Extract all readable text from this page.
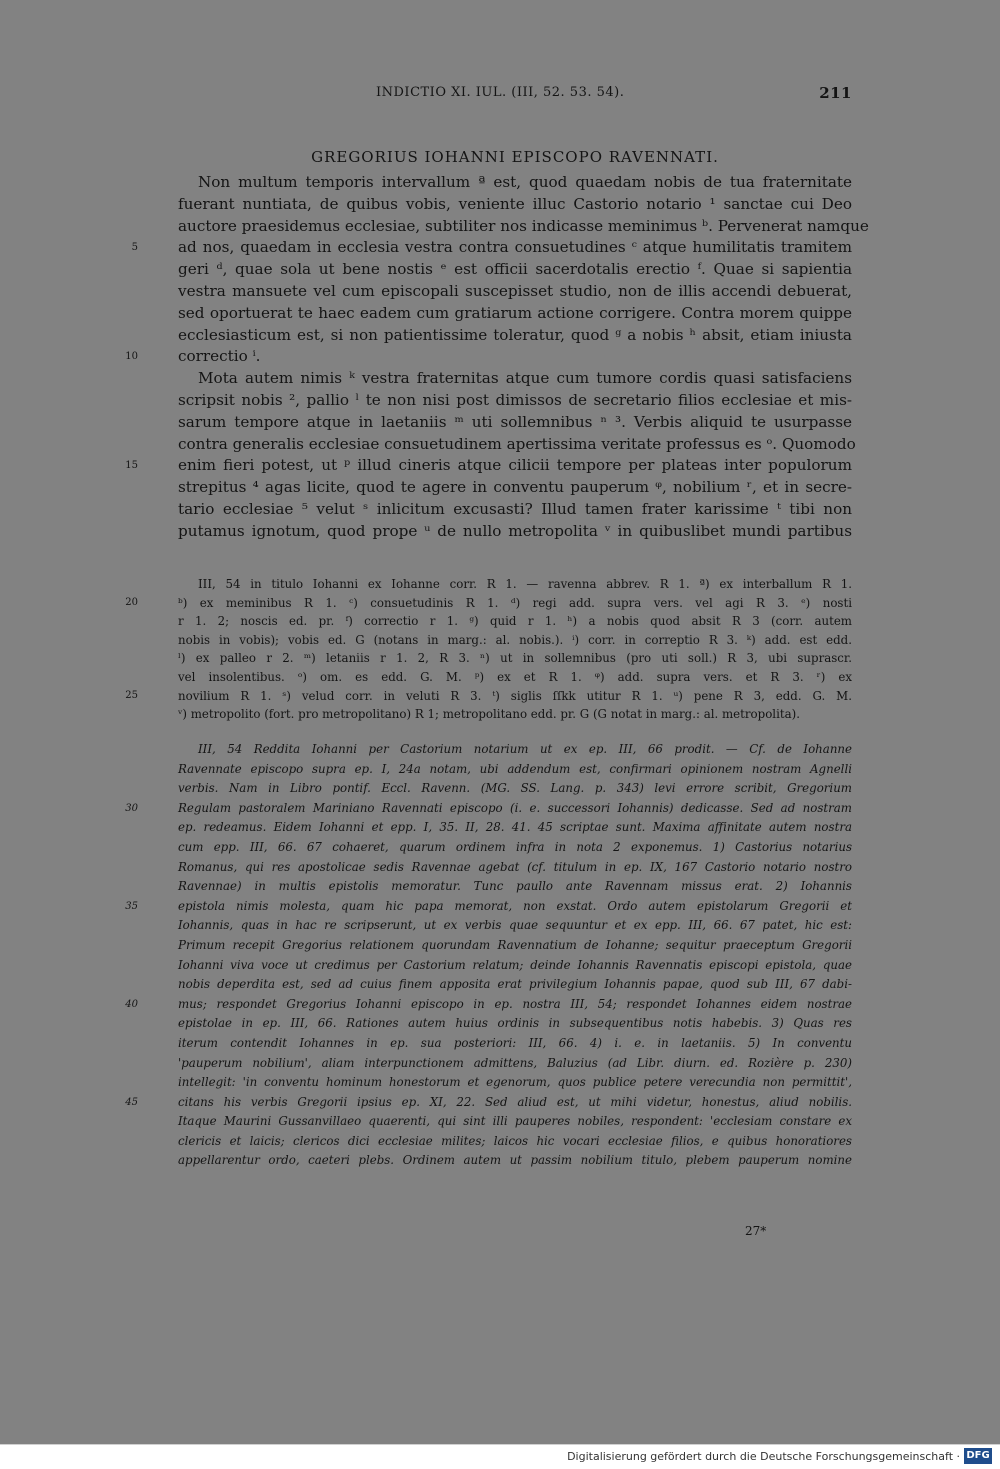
INDICTIO XI. IUL. (III, 52. 53. 54).	211
GREGORIUS IOHANNI EPISCOPO RAVENNATI.
Non multum temporis intervallum ª est, quod quaedam nobis de tua fraternitate
fuerant nuntiata, de quibus vobis, veniente illuc Castorio notario ¹ sanctae cui Deo
auctore praesidemus ecclesiae, subtiliter nos indicasse meminimus ᵇ. Pervenerat namque
5	ad nos, quaedam in ecclesia vestra contra consuetudines ᶜ atque humilitatis tramitem
geri ᵈ, quae sola ut bene nostis ᵉ est officii sacerdotalis erectio ᶠ. Quae si sapientia
vestra mansuete vel cum episcopali suscepisset studio, non de illis accendi debuerat,
sed oportuerat te haec eadem cum gratiarum actione corrigere. Contra morem quippe
ecclesiasticum est, si non patientissime toleratur, quod ᵍ a nobis ʰ absit, etiam iniusta
10	correctio ⁱ.
Mota autem nimis ᵏ vestra fraternitas atque cum tumore cordis quasi satisfaciens
scripsit nobis ², pallio ˡ te non nisi post dimissos de secretario filios ecclesiae et mis-
sarum tempore atque in laetaniis ᵐ uti sollemnibus ⁿ ³. Verbis aliquid te usurpasse
contra generalis ecclesiae consuetudinem apertissima veritate professus es ᵒ. Quomodo
15	enim fieri potest, ut ᵖ illud cineris atque cilicii tempore per plateas inter populorum
strepitus ⁴ agas licite, quod te agere in conventu pauperum ᵠ, nobilium ʳ, et in secre-
tario ecclesiae ⁵ velut ˢ inlicitum excusasti? Illud tamen frater karissime ᵗ tibi non
putamus ignotum, quod prope ᵘ de nullo metropolita ᵛ in quibuslibet mundi partibus
III, 54 in titulo Iohanni ex Iohanne corr. R 1. — ravenna abbrev. R 1. ª) ex interballum R 1.
20	ᵇ) ex meminibus R 1. ᶜ) consuetudinis R 1. ᵈ) regi add. supra vers. vel agi R 3. ᵉ) nosti
r 1. 2; noscis ed. pr. ᶠ) correctio r 1. ᵍ) quid r 1. ʰ) a nobis quod absit R 3 (corr. autem
nobis in vobis); vobis ed. G (notans in marg.: al. nobis.). ⁱ) corr. in correptio R 3. ᵏ) add. est edd.
ˡ) ex palleo r 2. ᵐ) letaniis r 1. 2, R 3. ⁿ) ut in sollemnibus (pro uti soll.) R 3, ubi suprascr.
vel insolentibus. ᵒ) om. es edd. G. M. ᵖ) ex et R 1. ᵠ) add. supra vers. et R 3. ʳ) ex
25	novilium R 1. ˢ) velud corr. in veluti R 3. ᵗ) siglis ſſkk utitur R 1. ᵘ) pene R 3, edd. G. M.
ᵛ) metropolito (fort. pro metropolitano) R 1; metropolitano edd. pr. G (G notat in marg.: al. metropolita).
III, 54 Reddita Iohanni per Castorium notarium ut ex ep. III, 66 prodit. — Cf. de Iohanne
Ravennate episcopo supra ep. I, 24a notam, ubi addendum est, confirmari opinionem nostram Agnelli
verbis. Nam in Libro pontif. Eccl. Ravenn. (MG. SS. Lang. p. 343) levi errore scribit, Gregorium
30	Regulam pastoralem Mariniano Ravennati episcopo (i. e. successori Iohannis) dedicasse. Sed ad nostram
ep. redeamus. Eidem Iohanni et epp. I, 35. II, 28. 41. 45 scriptae sunt. Maxima affinitate autem nostra
cum epp. III, 66. 67 cohaeret, quarum ordinem infra in nota 2 exponemus. 1) Castorius notarius
Romanus, qui res apostolicae sedis Ravennae agebat (cf. titulum in ep. IX, 167 Castorio notario nostro
Ravennae) in multis epistolis memoratur. Tunc paullo ante Ravennam missus erat. 2) Iohannis
35	epistola nimis molesta, quam hic papa memorat, non exstat. Ordo autem epistolarum Gregorii et
Iohannis, quas in hac re scripserunt, ut ex verbis quae sequuntur et ex epp. III, 66. 67 patet, hic est:
Primum recepit Gregorius relationem quorundam Ravennatium de Iohanne; sequitur praeceptum Gregorii
Iohanni viva voce ut credimus per Castorium relatum; deinde Iohannis Ravennatis episcopi epistola, quae
nobis deperdita est, sed ad cuius finem apposita erat privilegium Iohannis papae, quod sub III, 67 dabi-
40	mus; respondet Gregorius Iohanni episcopo in ep. nostra III, 54; respondet Iohannes eidem nostrae
epistolae in ep. III, 66. Rationes autem huius ordinis in subsequentibus notis habebis. 3) Quas res
iterum contendit Iohannes in ep. sua posteriori: III, 66. 4) i. e. in laetaniis. 5) In conventu
'pauperum nobilium', aliam interpunctionem admittens, Baluzius (ad Libr. diurn. ed. Rozière p. 230)
intellegit: 'in conventu hominum honestorum et egenorum, quos publice petere verecundia non permittit',
45	citans his verbis Gregorii ipsius ep. XI, 22. Sed aliud est, ut mihi videtur, honestus, aliud nobilis.
Itaque Maurini Gussanvillaeo quaerenti, qui sint illi pauperes nobiles, respondent: 'ecclesiam constare ex
clericis et laicis; clericos dici ecclesiae milites; laicos hic vocari ecclesiae filios, e quibus honoratiores
appellarentur ordo, caeteri plebs. Ordinem autem ut passim nobilium titulo, plebem pauperum nomine
27*
Digitalisierung gefördert durch die Deutsche Forschungsgemeinschaft · DFG
